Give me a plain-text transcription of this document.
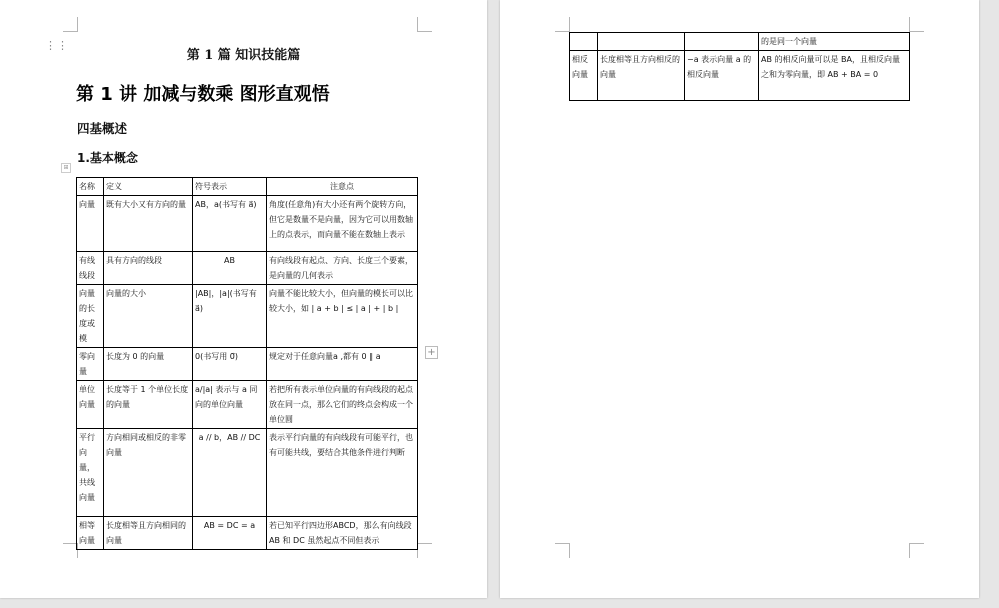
⋮⋮
⊞
+
第 1 篇 知识技能篇
第 1 讲 加减与数乘 图形直观悟
四基概述
1.基本概念
名称	定义	符号表示	注意点
向量	既有大小又有方向的量	AB，a(书写有 a⃗)	角度(任意角)有大小还有两个旋转方向，但它是数量不是向量，因为它可以用数轴上的点表示，而向量不能在数轴上表示
有线线段	具有方向的线段	AB	有向线段有起点、方向、长度三个要素，是向量的几何表示
向量的长度或模	向量的大小	|AB|，|a|(书写有 a⃗)	向量不能比较大小，但向量的模长可以比较大小，如 | a + b | ≤ | a | + | b |
零向量	长度为 0 的向量	0(书写用 0⃗)	规定对于任意向量a ,都有 0 ∥ a
单位向量	长度等于 1 个单位长度的向量	a/|a| 表示与 a 同向的单位向量	若把所有表示单位向量的有向线段的起点放在同一点，那么它们的终点会构成一个单位圆
平行向量，共线向量	方向相同或相反的非零向量	a // b，AB // DC	表示平行向量的有向线段有可能平行，也有可能共线，要结合其他条件进行判断
相等向量	长度相等且方向相同的向量	AB = DC = a	若已知平行四边形ABCD，那么有向线段 AB 和 DC 虽然起点不同但表示
			的是同一个向量
相反向量	长度相等且方向相反的向量	−a 表示向量 a 的相反向量	AB 的相反向量可以是 BA，且相反向量之和为零向量，即 AB + BA = 0
